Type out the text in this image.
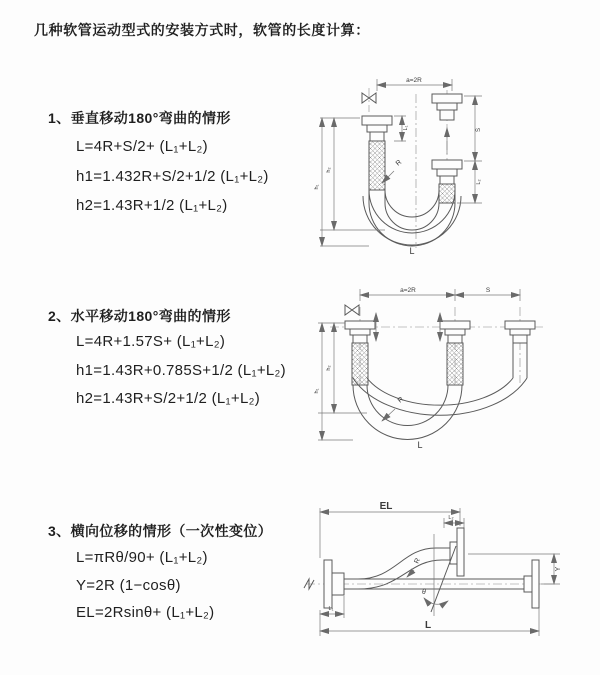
几种软管运动型式的安装方式时，软管的长度计算：
1、垂直移动180°弯曲的情形
L=4R+S/2+ (L₁+L₂)
h1=1.432R+S/2+1/2 (L₁+L₂)
h2=1.43R+1/2 (L₁+L₂)
a=2R
S
L₂
h₂
h₁
L₁
R
L
2、水平移动180°弯曲的情形
L=4R+1.57S+ (L₁+L₂)
h1=1.43R+0.785S+1/2 (L₁+L₂)
h2=1.43R+S/2+1/2 (L₁+L₂)
a=2R	S
h₂
h₁
R
L
3、横向位移的情形（一次性变位）
L=πRθ/90+ (L₁+L₂)
Y=2R (1−cosθ)
EL=2Rsinθ+ (L₁+L₂)
EL
L₂
Y
θ
R
L₁
L
